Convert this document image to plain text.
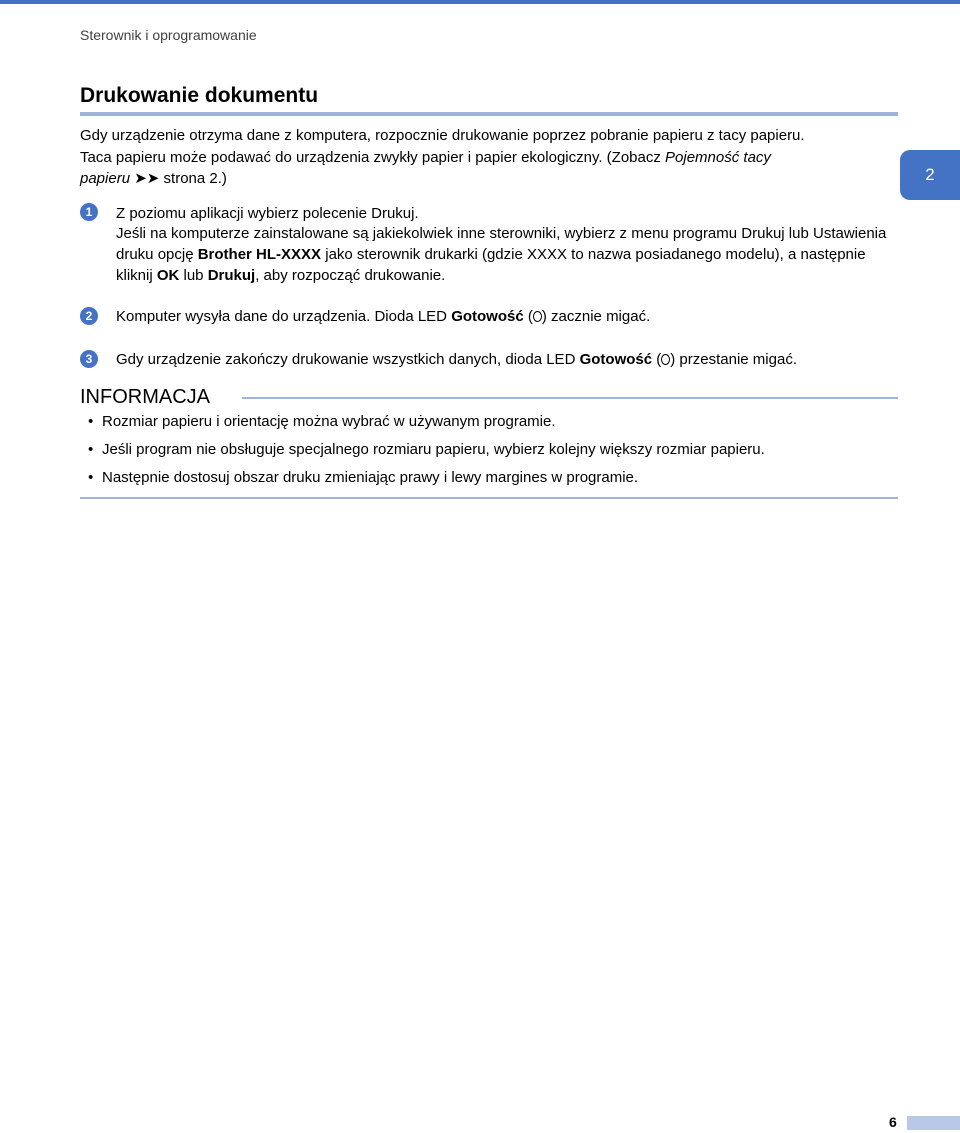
Sterownik i oprogramowanie
Drukowanie dokumentu
Gdy urządzenie otrzyma dane z komputera, rozpocznie drukowanie poprzez pobranie papieru z tacy papieru.
Taca papieru może podawać do urządzenia zwykły papier i papier ekologiczny. (Zobacz Pojemność tacy
papieru ➤➤ strona 2.)	2
1	Z poziomu aplikacji wybierz polecenie Drukuj.
Jeśli na komputerze zainstalowane są jakiekolwiek inne sterowniki, wybierz z menu programu Drukuj lub Ustawienia druku opcję Brother HL-XXXX jako sterownik drukarki (gdzie XXXX to nazwa posiadanego modelu), a następnie kliknij OK lub Drukuj, aby rozpocząć drukowanie.
2	Komputer wysyła dane do urządzenia. Dioda LED Gotowość ( ) zacznie migać.
3	Gdy urządzenie zakończy drukowanie wszystkich danych, dioda LED Gotowość ( ) przestanie migać.
INFORMACJA
• Rozmiar papieru i orientację można wybrać w używanym programie.
• Jeśli program nie obsługuje specjalnego rozmiaru papieru, wybierz kolejny większy rozmiar papieru.
• Następnie dostosuj obszar druku zmieniając prawy i lewy margines w programie.
6
